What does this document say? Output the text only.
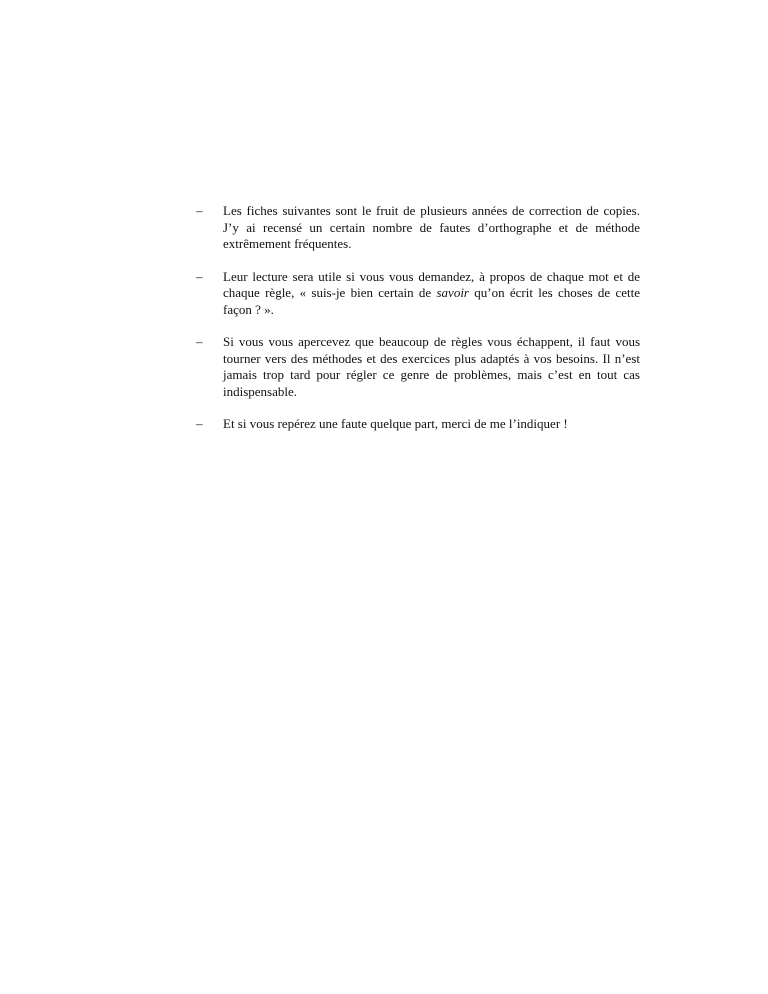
–	Les fiches suivantes sont le fruit de plusieurs années de correction de copies. J’y ai recensé un certain nombre de fautes d’orthographe et de méthode extrêmement fréquentes.
–	Leur lecture sera utile si vous vous demandez, à propos de chaque mot et de chaque règle, « suis-je bien certain de savoir qu’on écrit les choses de cette façon ? ».
–	Si vous vous apercevez que beaucoup de règles vous échappent, il faut vous tourner vers des méthodes et des exercices plus adaptés à vos besoins. Il n’est jamais trop tard pour régler ce genre de problèmes, mais c’est en tout cas indispensable.
–	Et si vous repérez une faute quelque part, merci de me l’indiquer !
